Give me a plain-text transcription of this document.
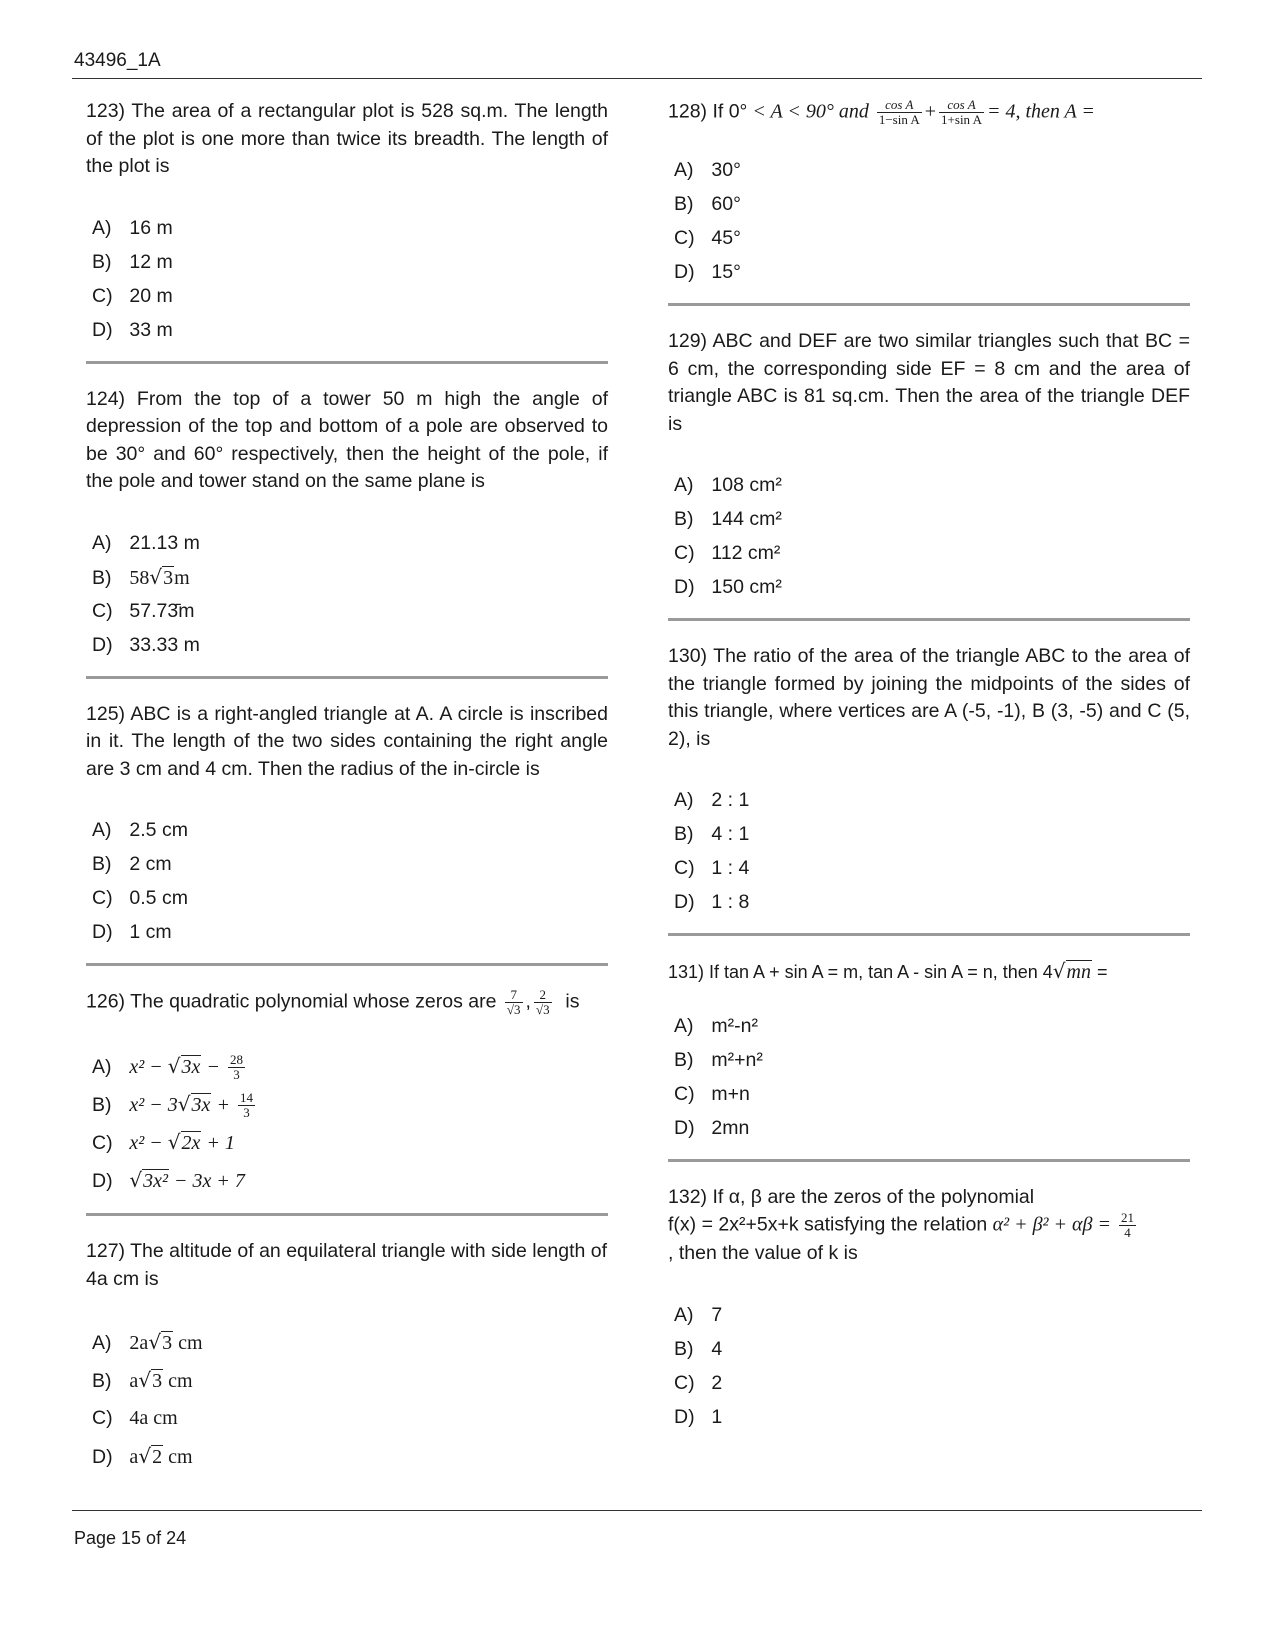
43496_1A
123) The area of a rectangular plot is 528 sq.m. The length of the plot is one more than twice its breadth. The length of the plot is
A) 16 m
B) 12 m
C) 20 m
D) 33 m
124) From the top of a tower 50 m high the angle of depression of the top and bottom of a pole are observed to be 30° and 60° respectively, then the height of the pole, if the pole and tower stand on the same plane is
A) 21.13 m
B) 58√3m
C) 57.73̄m
D) 33.33 m
125) ABC is a right-angled triangle at A. A circle is inscribed in it. The length of the two sides containing the right angle are 3 cm and 4 cm. Then the radius of the in-circle is
A) 2.5 cm
B) 2 cm
C) 0.5 cm
D) 1 cm
126) The quadratic polynomial whose zeros are $\frac{7}{√3}$ , $\frac{2}{√3}$ is
A) $x^2 - √3x - \frac{28}{3}$
B) $x^2 - 3√3x + \frac{14}{3}$
C) x² − √2x + 1
D) √3x² − 3x + 7
127) The altitude of an equilateral triangle with side length of 4a cm is
A) 2a√3 cm
B) a√3 cm
C) 4a cm
D) a√2 cm
128) If 0° < A < 90° and $\frac{\text{cos A}}{\text{1−sin A}} + \frac{\text{cos A}}{\text{1+sin A}} = 4$, then A =
A) 30°
B) 60°
C) 45°
D) 15°
129) ABC and DEF are two similar triangles such that BC = 6 cm, the corresponding side EF = 8 cm and the area of triangle ABC is 81 sq.cm. Then the area of the triangle DEF is
A) 108 cm²
B) 144 cm²
C) 112 cm²
D) 150 cm²
130) The ratio of the area of the triangle ABC to the area of the triangle formed by joining the midpoints of the sides of this triangle, where vertices are A (-5, -1), B (3, -5) and C (5, 2), is
A) 2 : 1
B) 4 : 1
C) 1 : 4
D) 1 : 8
131) If tan A + sin A = m, tan A - sin A = n, then 4√mn =
A) m²-n²
B) m²+n²
C) m+n
D) 2mn
132) If α, β are the zeros of the polynomial
f(x) = 2x²+5x+k satisfying the relation $\alpha^2 + \beta^2 + \alpha\beta = \frac{21}{4}$
, then the value of k is
A) 7
B) 4
C) 2
D) 1
Page 15 of 24
